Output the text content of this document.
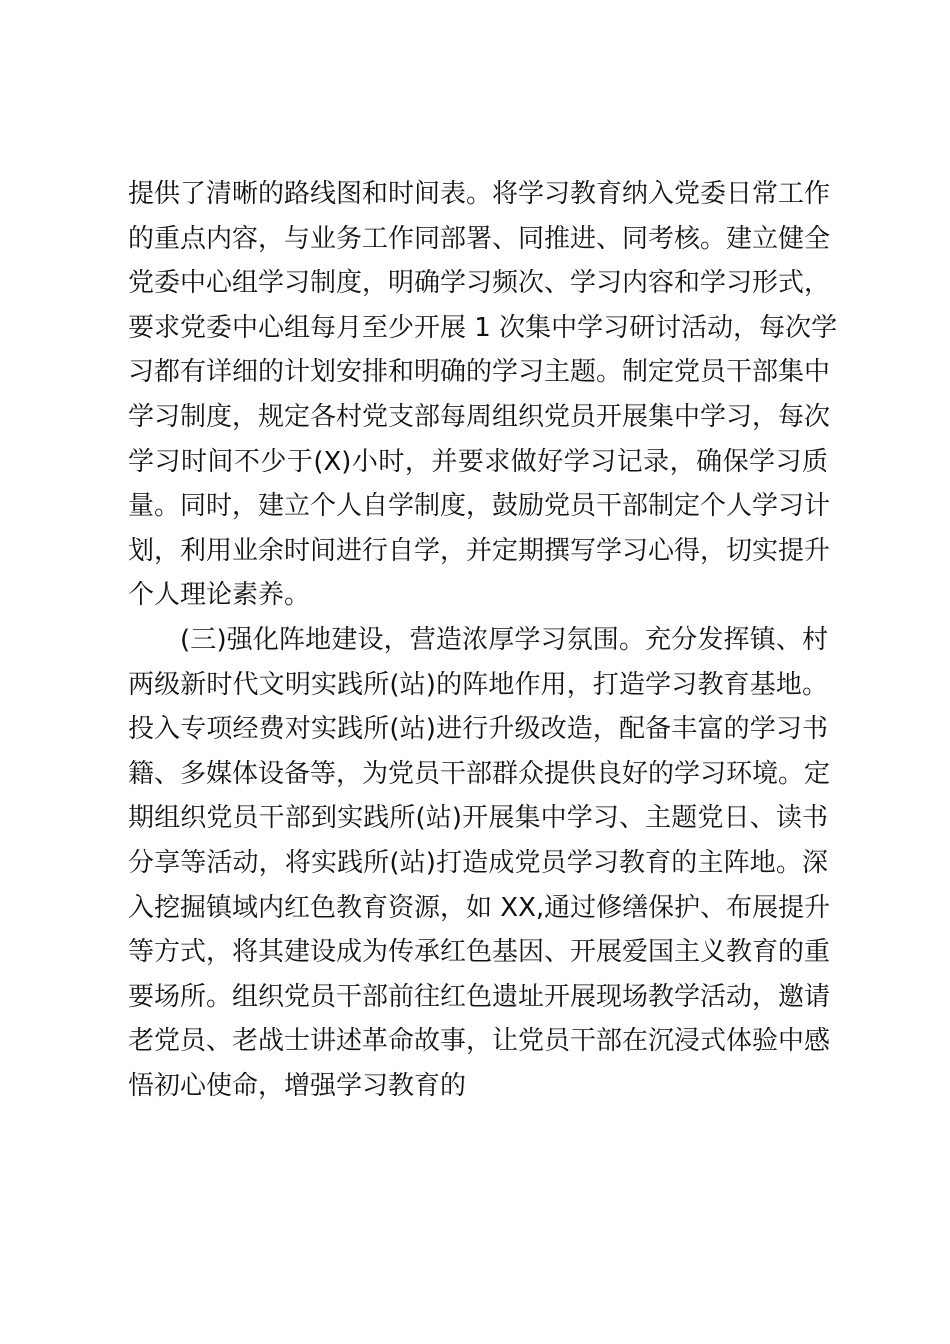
提供了清晰的路线图和时间表。将学习教育纳入党委日常工作
的重点内容，与业务工作同部署、同推进、同考核。建立健全
党委中心组学习制度，明确学习频次、学习内容和学习形式，
要求党委中心组每月至少开展 1 次集中学习研讨活动，每次学
习都有详细的计划安排和明确的学习主题。制定党员干部集中
学习制度，规定各村党支部每周组织党员开展集中学习，每次
学习时间不少于(X)小时，并要求做好学习记录，确保学习质
量。同时，建立个人自学制度，鼓励党员干部制定个人学习计
划，利用业余时间进行自学，并定期撰写学习心得，切实提升
个人理论素养。
(三)强化阵地建设，营造浓厚学习氛围。充分发挥镇、村
两级新时代文明实践所(站)的阵地作用，打造学习教育基地。
投入专项经费对实践所(站)进行升级改造，配备丰富的学习书
籍、多媒体设备等，为党员干部群众提供良好的学习环境。定
期组织党员干部到实践所(站)开展集中学习、主题党日、读书
分享等活动，将实践所(站)打造成党员学习教育的主阵地。深
入挖掘镇域内红色教育资源，如 XX,通过修缮保护、布展提升
等方式，将其建设成为传承红色基因、开展爱国主义教育的重
要场所。组织党员干部前往红色遗址开展现场教学活动，邀请
老党员、老战士讲述革命故事，让党员干部在沉浸式体验中感
悟初心使命，增强学习教育的
